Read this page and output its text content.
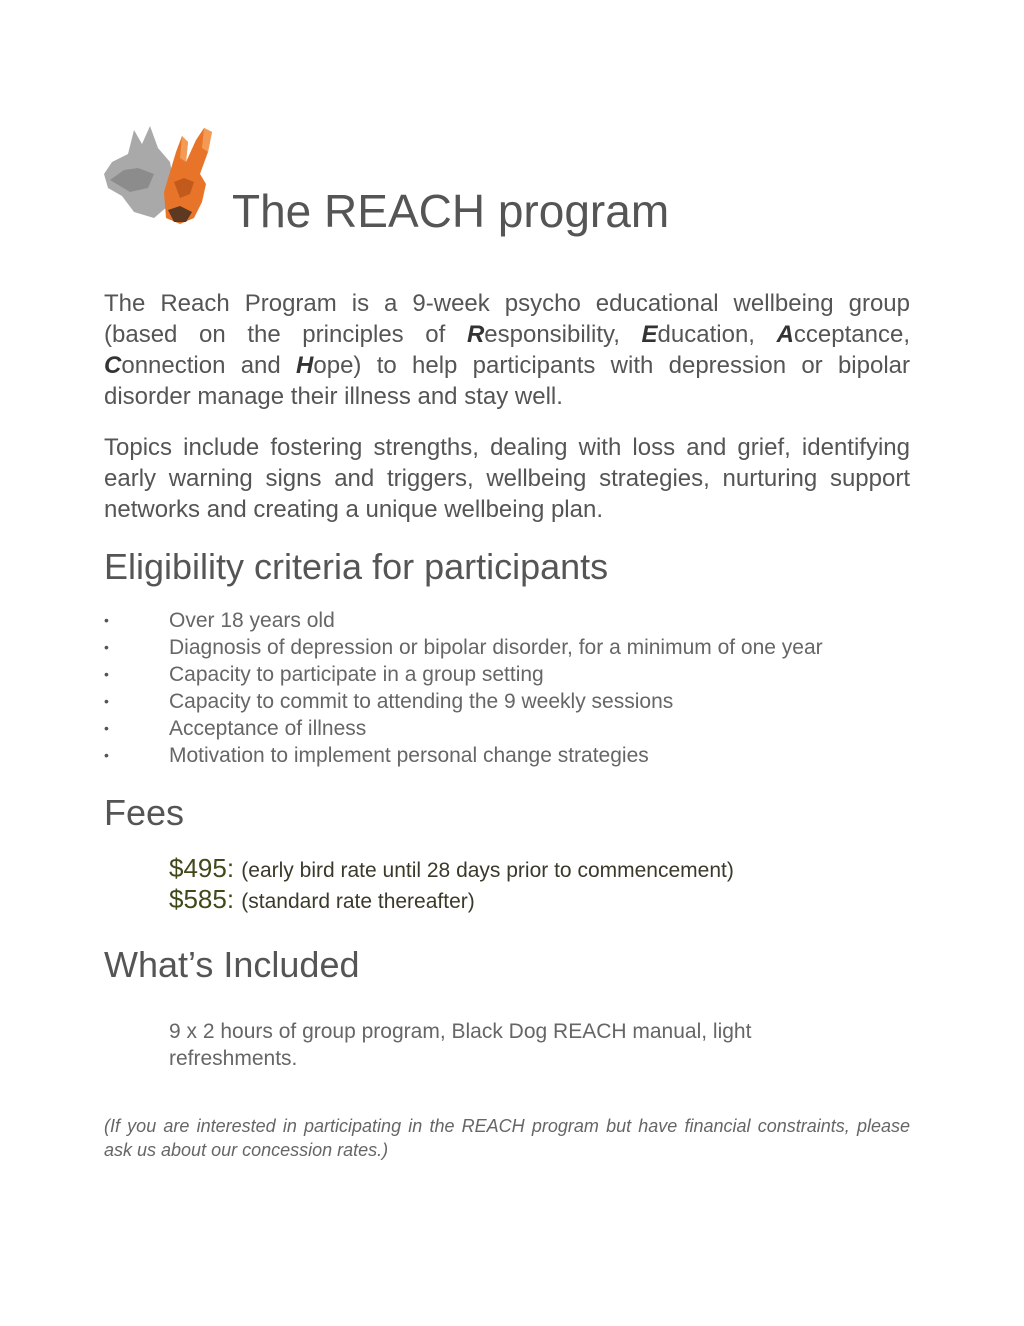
The REACH program

The Reach Program is a 9-week psycho educational wellbeing group (based on the principles of Responsibility, Education, Acceptance, Connection and Hope) to help participants with depression or bipolar disorder manage their illness and stay well.

Topics include fostering strengths, dealing with loss and grief, identifying early warning signs and triggers, wellbeing strategies, nurturing support networks and creating a unique wellbeing plan.

Eligibility criteria for participants
•	Over 18 years old
•	Diagnosis of depression or bipolar disorder, for a minimum of one year
•	Capacity to participate in a group setting
•	Capacity to commit to attending the 9 weekly sessions
•	Acceptance of illness
•	Motivation to implement personal change strategies
Fees
$495: (early bird rate until 28 days prior to commencement)
$585: (standard rate thereafter)
What’s Included
9 x 2 hours of group program, Black Dog REACH manual, light refreshments.
(If you are interested in participating in the REACH program but have financial constraints, please ask us about our concession rates.)
